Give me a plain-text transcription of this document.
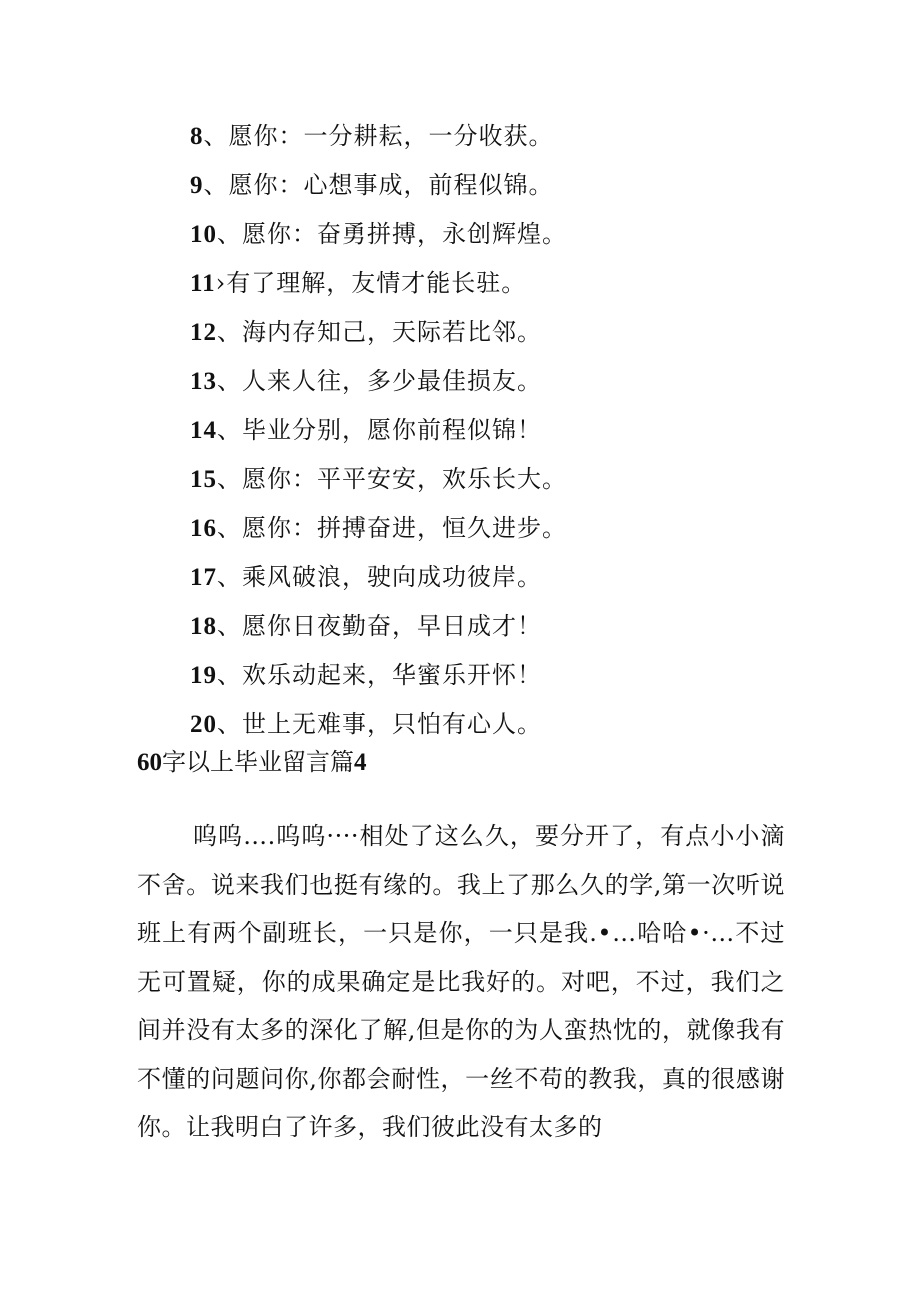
8、愿你：一分耕耘，一分收获。
9、愿你：心想事成，前程似锦。
10、愿你：奋勇拼搏，永创辉煌。
11›有了理解，友情才能长驻。
12、海内存知己，天际若比邻。
13、人来人往，多少最佳损友。
14、毕业分别，愿你前程似锦！
15、愿你：平平安安，欢乐长大。
16、愿你：拼搏奋进，恒久进步。
17、乘风破浪，驶向成功彼岸。
18、愿你日夜勤奋，早日成才！
19、欢乐动起来，华蜜乐开怀！
20、世上无难事，只怕有心人。
60字以上毕业留言篇4

呜呜….呜呜····相处了这么久，要分开了，有点小小滴不舍。说来我们也挺有缘的。我上了那么久的学,第一次听说班上有两个副班长，一只是你，一只是我.•…哈哈•·…不过无可置疑，你的成果确定是比我好的。对吧，不过，我们之间并没有太多的深化了解,但是你的为人蛮热忱的，就像我有不懂的问题问你,你都会耐性，一丝不苟的教我，真的很感谢你。让我明白了许多，我们彼此没有太多的
